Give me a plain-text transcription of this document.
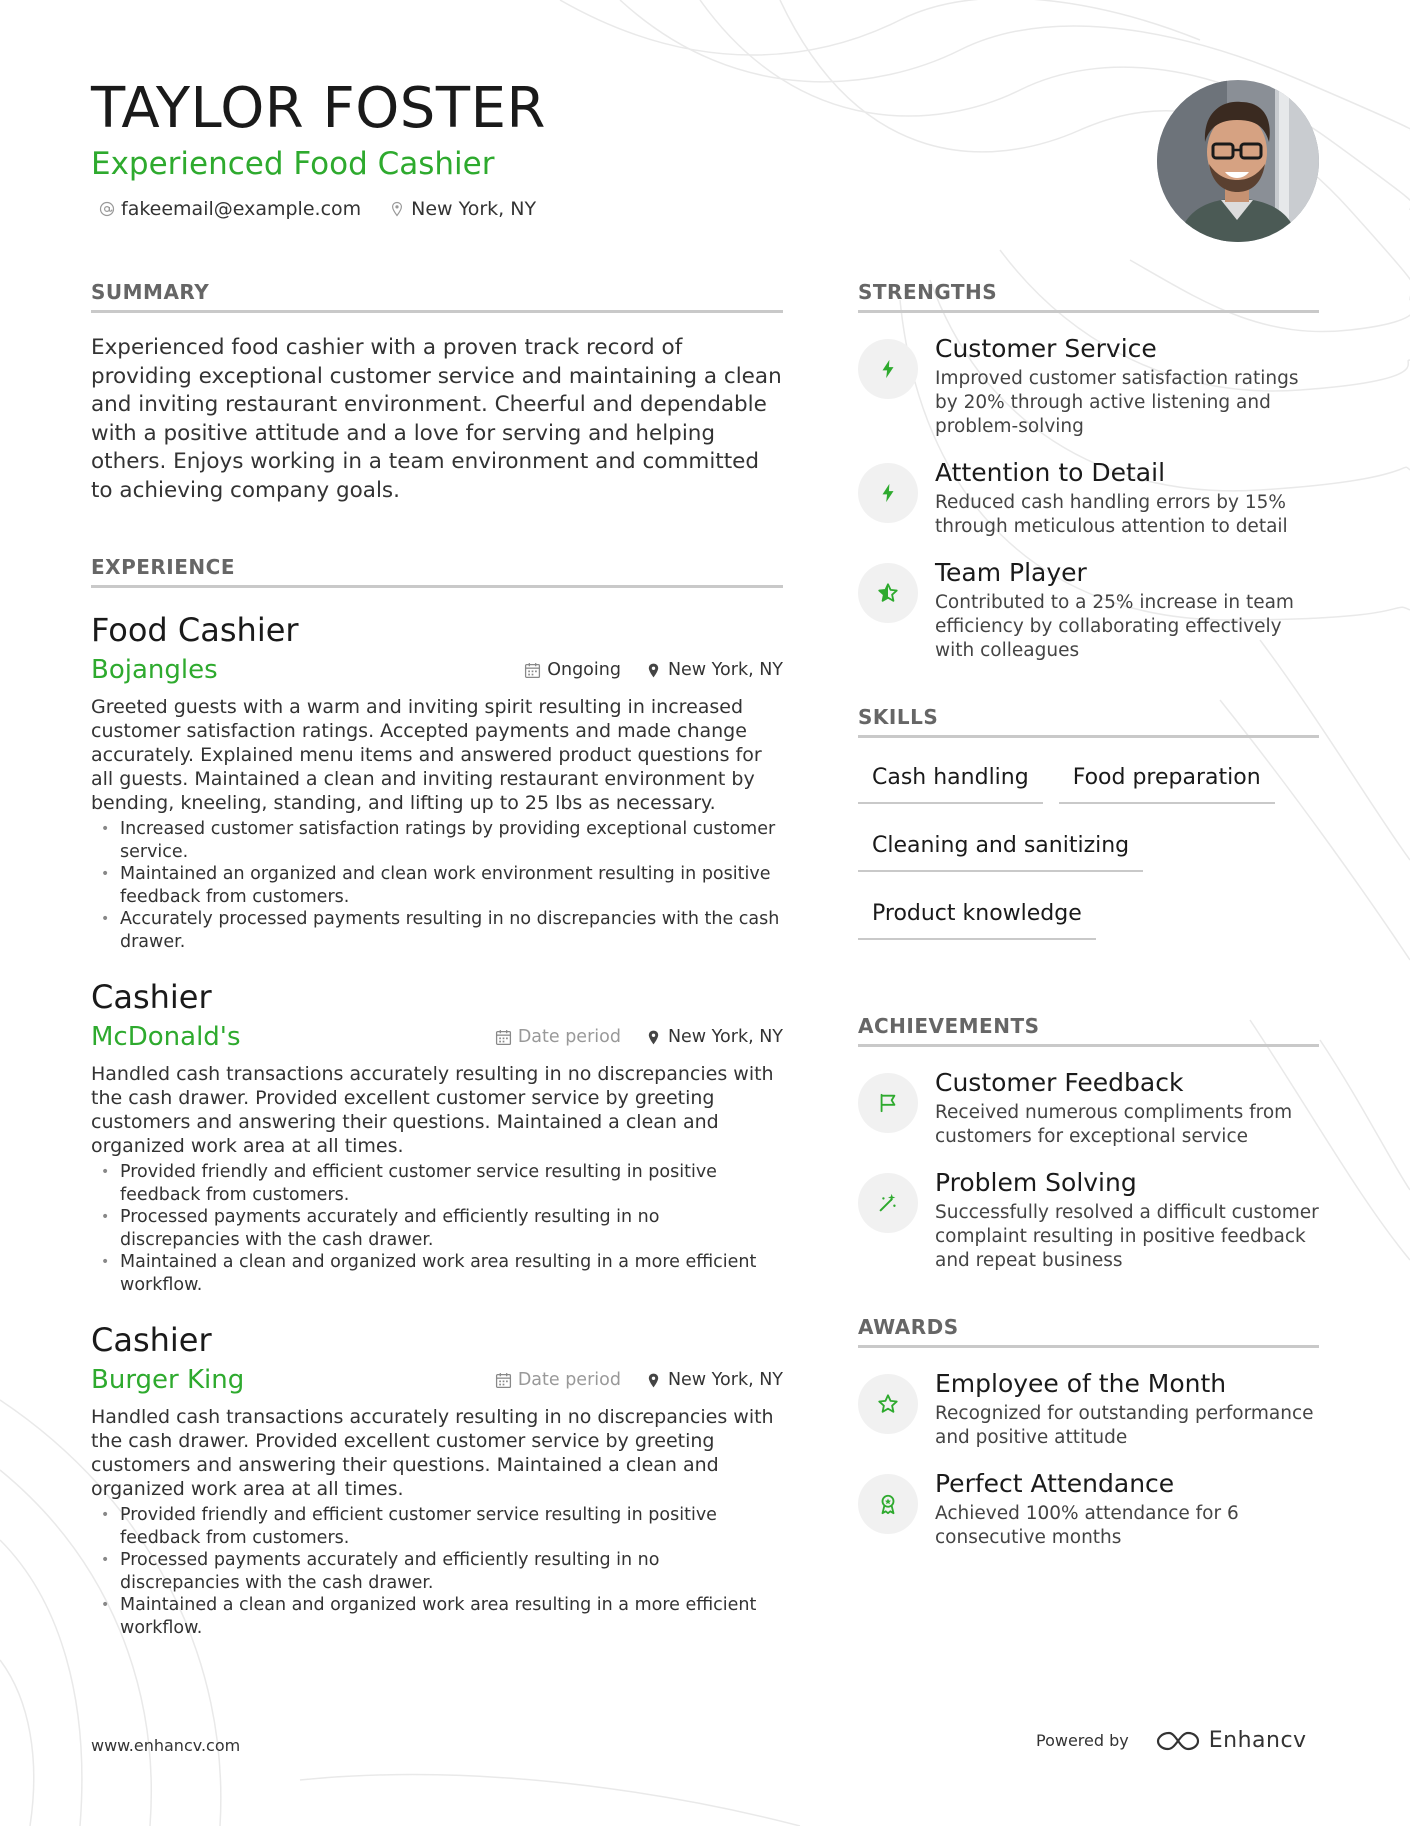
TAYLOR FOSTER
Experienced Food Cashier
fakeemail@example.com	New York, NY
SUMMARY

Experienced food cashier with a proven track record of providing exceptional customer service and maintaining a clean and inviting restaurant environment. Cheerful and dependable with a positive attitude and a love for serving and helping others. Enjoys working in a team environment and committed to achieving company goals.

EXPERIENCE
Food Cashier
Bojangles	Ongoing	New York, NY

Greeted guests with a warm and inviting spirit resulting in increased customer satisfaction ratings. Accepted payments and made change accurately. Explained menu items and answered product questions for all guests. Maintained a clean and inviting restaurant environment by bending, kneeling, standing, and lifting up to 25 lbs as necessary.

• Increased customer satisfaction ratings by providing exceptional customer service.
• Maintained an organized and clean work environment resulting in positive feedback from customers.
• Accurately processed payments resulting in no discrepancies with the cash drawer.
Cashier
McDonald's	Date period	New York, NY

Handled cash transactions accurately resulting in no discrepancies with the cash drawer. Provided excellent customer service by greeting customers and answering their questions. Maintained a clean and organized work area at all times.

• Provided friendly and efficient customer service resulting in positive feedback from customers.
• Processed payments accurately and efficiently resulting in no discrepancies with the cash drawer.
• Maintained a clean and organized work area resulting in a more efficient workflow.
Cashier
Burger King	Date period	New York, NY

Handled cash transactions accurately resulting in no discrepancies with the cash drawer. Provided excellent customer service by greeting customers and answering their questions. Maintained a clean and organized work area at all times.

• Provided friendly and efficient customer service resulting in positive feedback from customers.
• Processed payments accurately and efficiently resulting in no discrepancies with the cash drawer.
• Maintained a clean and organized work area resulting in a more efficient workflow.
STRENGTHS
Customer Service
Improved customer satisfaction ratings by 20% through active listening and problem-solving
Attention to Detail
Reduced cash handling errors by 15% through meticulous attention to detail
Team Player
Contributed to a 25% increase in team efficiency by collaborating effectively with colleagues
SKILLS
Cash handling	Food preparation
Cleaning and sanitizing
Product knowledge
ACHIEVEMENTS
Customer Feedback
Received numerous compliments from customers for exceptional service
Problem Solving
Successfully resolved a difficult customer complaint resulting in positive feedback and repeat business
AWARDS
Employee of the Month
Recognized for outstanding performance and positive attitude
Perfect Attendance
Achieved 100% attendance for 6 consecutive months
www.enhancv.com	Powered by	Enhancv
